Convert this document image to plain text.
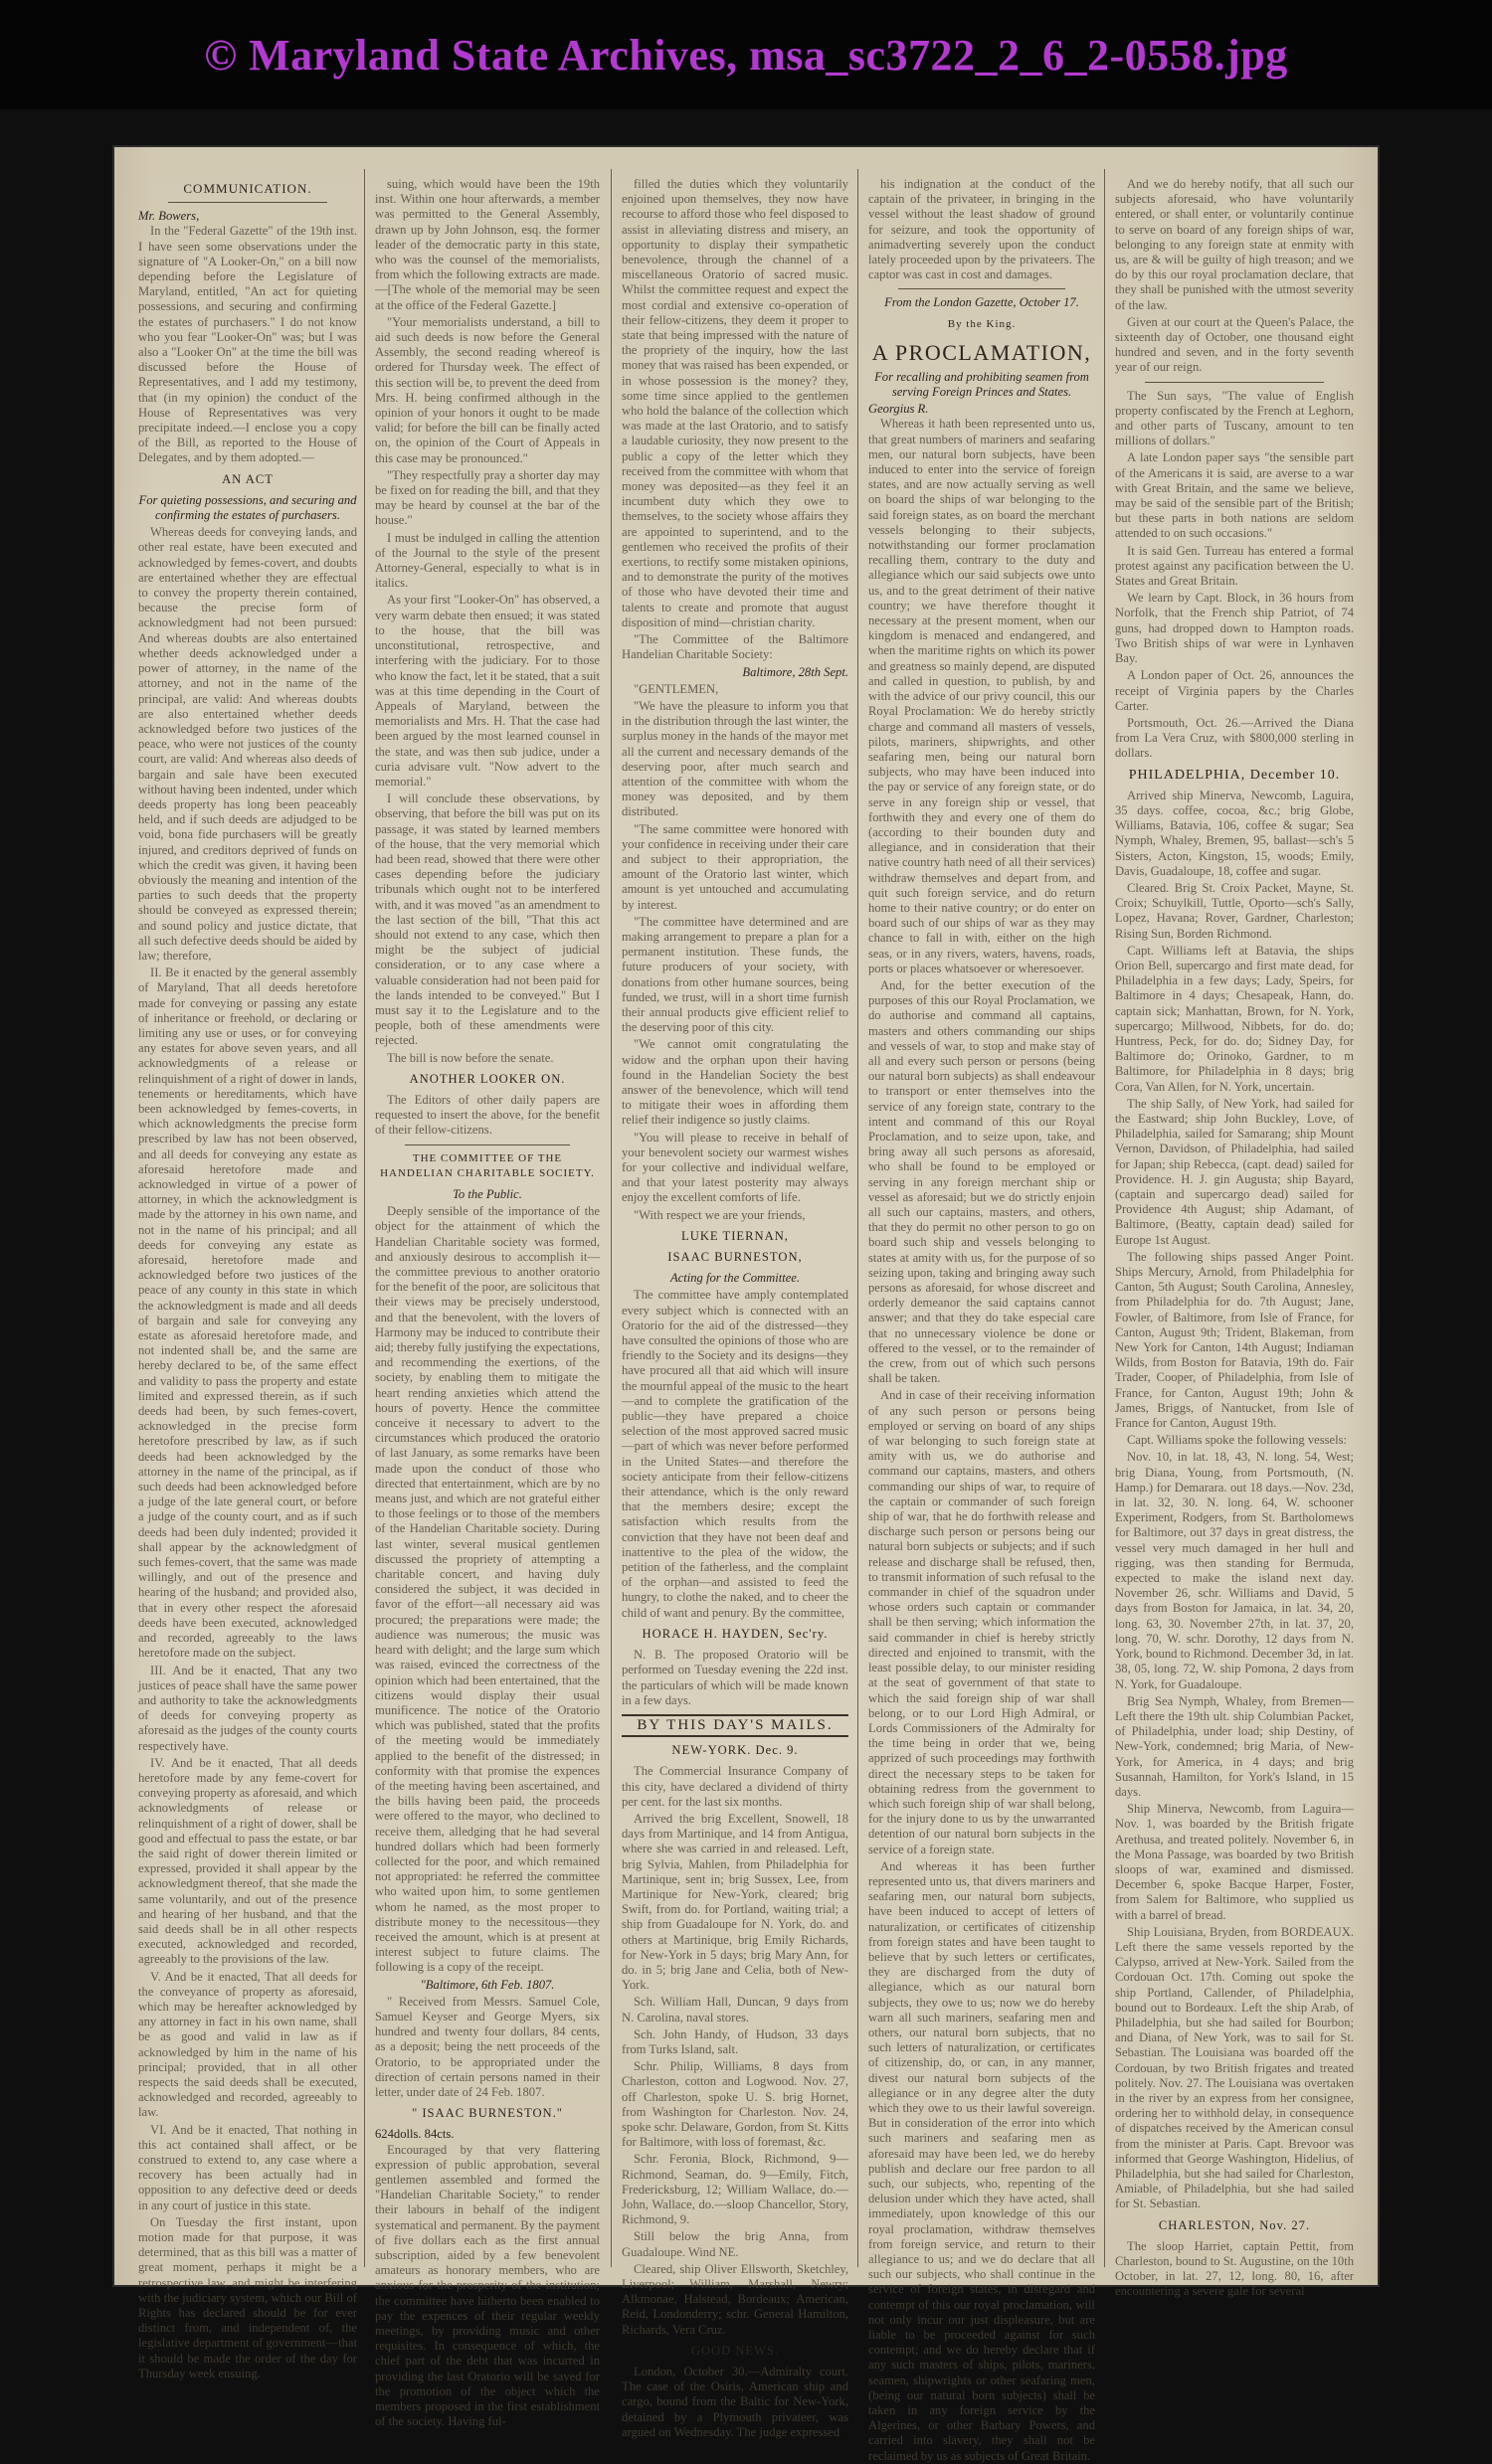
© Maryland State Archives, msa_sc3722_2_6_2-0558.jpg
COMMUNICATION.
Mr. Bowers,

In the "Federal Gazette" of the 19th inst. I have seen some observations under the signature of "A Looker-On," on a bill now depending before the Legislature of Maryland, entitled, "An act for quieting possessions, and securing and confirming the estates of purchasers." I do not know who you fear "Looker-On" was; but I was also a "Looker On" at the time the bill was discussed before the House of Representatives, and I add my testimony, that (in my opinion) the conduct of the House of Representatives was very precipitate indeed.—I enclose you a copy of the Bill, as reported to the House of Delegates, and by them adopted.—

AN ACT
For quieting possessions, and securing and confirming the estates of purchasers.

Whereas deeds for conveying lands, and other real estate, have been executed and acknowledged by femes-covert, and doubts are entertained whether they are effectual to convey the property therein contained, because the precise form of acknowledgment had not been pursued: And whereas doubts are also entertained whether deeds acknowledged under a power of attorney, in the name of the attorney, and not in the name of the principal, are valid: And whereas doubts are also entertained whether deeds acknowledged before two justices of the peace, who were not justices of the county court, are valid: And whereas also deeds of bargain and sale have been executed without having been indented, under which deeds property has long been peaceably held, and if such deeds are adjudged to be void, bona fide purchasers will be greatly injured, and creditors deprived of funds on which the credit was given, it having been obviously the meaning and intention of the parties to such deeds that the property should be conveyed as expressed therein; and sound policy and justice dictate, that all such defective deeds should be aided by law; therefore,

II. Be it enacted by the general assembly of Maryland, That all deeds heretofore made for conveying or passing any estate of inheritance or freehold, or declaring or limiting any use or uses, or for conveying any estates for above seven years, and all acknowledgments of a release or relinquishment of a right of dower in lands, tenements or hereditaments, which have been acknowledged by femes-coverts, in which acknowledgments the precise form prescribed by law has not been observed, and all deeds for conveying any estate as aforesaid heretofore made and acknowledged in virtue of a power of attorney, in which the acknowledgment is made by the attorney in his own name, and not in the name of his principal; and all deeds for conveying any estate as aforesaid, heretofore made and acknowledged before two justices of the peace of any county in this state in which the acknowledgment is made and all deeds of bargain and sale for conveying any estate as aforesaid heretofore made, and not indented shall be, and the same are hereby declared to be, of the same effect and validity to pass the property and estate limited and expressed therein, as if such deeds had been, by such femes-covert, acknowledged in the precise form heretofore prescribed by law, as if such deeds had been acknowledged by the attorney in the name of the principal, as if such deeds had been acknowledged before a judge of the late general court, or before a judge of the county court, and as if such deeds had been duly indented; provided it shall appear by the acknowledgment of such femes-covert, that the same was made willingly, and out of the presence and hearing of the husband; and provided also, that in every other respect the aforesaid deeds have been executed, acknowledged and recorded, agreeably to the laws heretofore made on the subject.

III. And be it enacted, That any two justices of peace shall have the same power and authority to take the acknowledgments of deeds for conveying property as aforesaid as the judges of the county courts respectively have.

IV. And be it enacted, That all deeds heretofore made by any feme-covert for conveying property as aforesaid, and which acknowledgments of release or relinquishment of a right of dower, shall be good and effectual to pass the estate, or bar the said right of dower therein limited or expressed, provided it shall appear by the acknowledgment thereof, that she made the same voluntarily, and out of the presence and hearing of her husband, and that the said deeds shall be in all other respects executed, acknowledged and recorded, agreeably to the provisions of the law.

V. And be it enacted, That all deeds for the conveyance of property as aforesaid, which may be hereafter acknowledged by any attorney in fact in his own name, shall be as good and valid in law as if acknowledged by him in the name of his principal; provided, that in all other respects the said deeds shall be executed, acknowledged and recorded, agreeably to law.

VI. And be it enacted, That nothing in this act contained shall affect, or be construed to extend to, any case where a recovery has been actually had in opposition to any defective deed or deeds in any court of justice in this state.

On Tuesday the first instant, upon motion made for that purpose, it was determined, that as this bill was a matter of great moment, perhaps it might be a retrospective law, and might be interfering with the judiciary system, which our Bill of Rights has declared should be for ever distinct from, and independent of, the legislative department of government—that it should be made the order of the day for Thursday week ensuing.

suing, which would have been the 19th inst. Within one hour afterwards, a member was permitted to the General Assembly, drawn up by John Johnson, esq. the former leader of the democratic party in this state, who was the counsel of the memorialists, from which the following extracts are made.—[The whole of the memorial may be seen at the office of the Federal Gazette.]

"Your memorialists understand, a bill to aid such deeds is now before the General Assembly, the second reading whereof is ordered for Thursday week. The effect of this section will be, to prevent the deed from Mrs. H. being confirmed although in the opinion of your honors it ought to be made valid; for before the bill can be finally acted on, the opinion of the Court of Appeals in this case may be pronounced."

"They respectfully pray a shorter day may be fixed on for reading the bill, and that they may be heard by counsel at the bar of the house."

I must be indulged in calling the attention of the Journal to the style of the present Attorney-General, especially to what is in italics.

As your first "Looker-On" has observed, a very warm debate then ensued; it was stated to the house, that the bill was unconstitutional, retrospective, and interfering with the judiciary. For to those who know the fact, let it be stated, that a suit was at this time depending in the Court of Appeals of Maryland, between the memorialists and Mrs. H. That the case had been argued by the most learned counsel in the state, and was then sub judice, under a curia advisare vult. "Now advert to the memorial."

I will conclude these observations, by observing, that before the bill was put on its passage, it was stated by learned members of the house, that the very memorial which had been read, showed that there were other cases depending before the judiciary tribunals which ought not to be interfered with, and it was moved "as an amendment to the last section of the bill, "That this act should not extend to any case, which then might be the subject of judicial consideration, or to any case where a valuable consideration had not been paid for the lands intended to be conveyed." But I must say it to the Legislature and to the people, both of these amendments were rejected.

The bill is now before the senate.

ANOTHER LOOKER ON.

The Editors of other daily papers are requested to insert the above, for the benefit of their fellow-citizens.

THE COMMITTEE OF THE HANDELIAN CHARITABLE SOCIETY.
To the Public.

Deeply sensible of the importance of the object for the attainment of which the Handelian Charitable society was formed, and anxiously desirous to accomplish it—the committee previous to another oratorio for the benefit of the poor, are solicitous that their views may be precisely understood, and that the benevolent, with the lovers of Harmony may be induced to contribute their aid; thereby fully justifying the expectations, and recommending the exertions, of the society, by enabling them to mitigate the heart rending anxieties which attend the hours of poverty. Hence the committee conceive it necessary to advert to the circumstances which produced the oratorio of last January, as some remarks have been made upon the conduct of those who directed that entertainment, which are by no means just, and which are not grateful either to those feelings or to those of the members of the Handelian Charitable society. During last winter, several musical gentlemen discussed the propriety of attempting a charitable concert, and having duly considered the subject, it was decided in favor of the effort—all necessary aid was procured; the preparations were made; the audience was numerous; the music was heard with delight; and the large sum which was raised, evinced the correctness of the opinion which had been entertained, that the citizens would display their usual munificence. The notice of the Oratorio which was published, stated that the profits of the meeting would be immediately applied to the benefit of the distressed; in conformity with that promise the expences of the meeting having been ascertained, and the bills having been paid, the proceeds were offered to the mayor, who declined to receive them, alledging that he had several hundred dollars which had been formerly collected for the poor, and which remained not appropriated: he referred the committee who waited upon him, to some gentlemen whom he named, as the most proper to distribute money to the necessitous—they received the amount, which is at present at interest subject to future claims. The following is a copy of the receipt.

"Baltimore, 6th Feb. 1807.

" Received from Messrs. Samuel Cole, Samuel Keyser and George Myers, six hundred and twenty four dollars, 84 cents, as a deposit; being the nett proceeds of the Oratorio, to be appropriated under the direction of certain persons named in their letter, under date of 24 Feb. 1807.

" ISAAC BURNESTON."
624dolls. 84cts.

Encouraged by that very flattering expression of public approbation, several gentlemen assembled and formed the "Handelian Charitable Society," to render their labours in behalf of the indigent systematical and permanent. By the payment of five dollars each as the first annual subscription, aided by a few benevolent amateurs as honorary members, who are anxious for the prosperity of the institution; the committee have hitherto been enabled to pay the expences of their regular weekly meetings, by providing music and other requisites. In consequence of which, the chief part of the debt that was incurred in providing the last Oratorio will be saved for the promotion of the object which the members proposed in the first establishment of the society. Having ful-

filled the duties which they voluntarily enjoined upon themselves, they now have recourse to afford those who feel disposed to assist in alleviating distress and misery, an opportunity to display their sympathetic benevolence, through the channel of a miscellaneous Oratorio of sacred music. Whilst the committee request and expect the most cordial and extensive co-operation of their fellow-citizens, they deem it proper to state that being impressed with the nature of the propriety of the inquiry, how the last money that was raised has been expended, or in whose possession is the money? they, some time since applied to the gentlemen who hold the balance of the collection which was made at the last Oratorio, and to satisfy a laudable curiosity, they now present to the public a copy of the letter which they received from the committee with whom that money was deposited—as they feel it an incumbent duty which they owe to themselves, to the society whose affairs they are appointed to superintend, and to the gentlemen who received the profits of their exertions, to rectify some mistaken opinions, and to demonstrate the purity of the motives of those who have devoted their time and talents to create and promote that august disposition of mind—christian charity.

"The Committee of the Baltimore Handelian Charitable Society:

Baltimore, 28th Sept.

"GENTLEMEN,

"We have the pleasure to inform you that in the distribution through the last winter, the surplus money in the hands of the mayor met all the current and necessary demands of the deserving poor, after much search and attention of the committee with whom the money was deposited, and by them distributed.

"The same committee were honored with your confidence in receiving under their care and subject to their appropriation, the amount of the Oratorio last winter, which amount is yet untouched and accumulating by interest.

"The committee have determined and are making arrangement to prepare a plan for a permanent institution. These funds, the future producers of your society, with donations from other humane sources, being funded, we trust, will in a short time furnish their annual products give efficient relief to the deserving poor of this city.

"We cannot omit congratulating the widow and the orphan upon their having found in the Handelian Society the best answer of the benevolence, which will tend to mitigate their woes in affording them relief their indigence so justly claims.

"You will please to receive in behalf of your benevolent society our warmest wishes for your collective and individual welfare, and that your latest posterity may always enjoy the excellent comforts of life.

"With respect we are your friends,

LUKE TIERNAN,
ISAAC BURNESTON,
Acting for the Committee.

The committee have amply contemplated every subject which is connected with an Oratorio for the aid of the distressed—they have consulted the opinions of those who are friendly to the Society and its designs—they have procured all that aid which will insure the mournful appeal of the music to the heart—and to complete the gratification of the public—they have prepared a choice selection of the most approved sacred music—part of which was never before performed in the United States—and therefore the society anticipate from their fellow-citizens their attendance, which is the only reward that the members desire; except the satisfaction which results from the conviction that they have not been deaf and inattentive to the plea of the widow, the petition of the fatherless, and the complaint of the orphan—and assisted to feed the hungry, to clothe the naked, and to cheer the child of want and penury. By the committee,

HORACE H. HAYDEN, Sec'ry.

N. B. The proposed Oratorio will be performed on Tuesday evening the 22d inst. the particulars of which will be made known in a few days.

BY THIS DAY'S MAILS.
NEW-YORK. Dec. 9.

The Commercial Insurance Company of this city, have declared a dividend of thirty per cent. for the last six months.

Arrived the brig Excellent, Snowell, 18 days from Martinique, and 14 from Antigua, where she was carried in and released. Left, brig Sylvia, Mahlen, from Philadelphia for Martinique, sent in; brig Sussex, Lee, from Martinique for New-York, cleared; brig Swift, from do. for Portland, waiting trial; a ship from Guadaloupe for N. York, do. and others at Martinique, brig Emily Richards, for New-York in 5 days; brig Mary Ann, for do. in 5; brig Jane and Celia, both of New-York.

Sch. William Hall, Duncan, 9 days from N. Carolina, naval stores.

Sch. John Handy, of Hudson, 33 days from Turks Island, salt.

Schr. Philip, Williams, 8 days from Charleston, cotton and Logwood. Nov. 27, off Charleston, spoke U. S. brig Hornet, from Washington for Charleston. Nov. 24, spoke schr. Delaware, Gordon, from St. Kitts for Baltimore, with loss of foremast, &c.

Schr. Feronia, Block, Richmond, 9—Richmond, Seaman, do. 9—Emily, Fitch, Fredericksburg, 12; William Wallace, do.—John, Wallace, do.—sloop Chancellor, Story, Richmond, 9.

Still below the brig Anna, from Guadaloupe. Wind NE.

Cleared, ship Oliver Ellsworth, Sketchley, Liverpool; William, Marshall, Newry; Alkmonae, Halstead, Bordeaux; American, Reid, Londonderry; schr. General Hamilton, Richards, Vera Cruz.

GOOD NEWS.

London, October 30.—Admiralty court. The case of the Osiris, American ship and cargo, bound from the Baltic for New-York, detained by a Plymouth privateer, was argued on Wednesday. The judge expressed

his indignation at the conduct of the captain of the privateer, in bringing in the vessel without the least shadow of ground for seizure, and took the opportunity of animadverting severely upon the conduct lately proceeded upon by the privateers. The captor was cast in cost and damages.

From the London Gazette, October 17.
By the King.
A PROCLAMATION,
For recalling and prohibiting seamen from serving Foreign Princes and States.
Georgius R.

Whereas it hath been represented unto us, that great numbers of mariners and seafaring men, our natural born subjects, have been induced to enter into the service of foreign states, and are now actually serving as well on board the ships of war belonging to the said foreign states, as on board the merchant vessels belonging to their subjects, notwithstanding our former proclamation recalling them, contrary to the duty and allegiance which our said subjects owe unto us, and to the great detriment of their native country; we have therefore thought it necessary at the present moment, when our kingdom is menaced and endangered, and when the maritime rights on which its power and greatness so mainly depend, are disputed and called in question, to publish, by and with the advice of our privy council, this our Royal Proclamation: We do hereby strictly charge and command all masters of vessels, pilots, mariners, shipwrights, and other seafaring men, being our natural born subjects, who may have been induced into the pay or service of any foreign state, or do serve in any foreign ship or vessel, that forthwith they and every one of them do (according to their bounden duty and allegiance, and in consideration that their native country hath need of all their services) withdraw themselves and depart from, and quit such foreign service, and do return home to their native country; or do enter on board such of our ships of war as they may chance to fall in with, either on the high seas, or in any rivers, waters, havens, roads, ports or places whatsoever or wheresoever.

And, for the better execution of the purposes of this our Royal Proclamation, we do authorise and command all captains, masters and others commanding our ships and vessels of war, to stop and make stay of all and every such person or persons (being our natural born subjects) as shall endeavour to transport or enter themselves into the service of any foreign state, contrary to the intent and command of this our Royal Proclamation, and to seize upon, take, and bring away all such persons as aforesaid, who shall be found to be employed or serving in any foreign merchant ship or vessel as aforesaid; but we do strictly enjoin all such our captains, masters, and others, that they do permit no other person to go on board such ship and vessels belonging to states at amity with us, for the purpose of so seizing upon, taking and bringing away such persons as aforesaid, for whose discreet and orderly demeanor the said captains cannot answer; and that they do take especial care that no unnecessary violence be done or offered to the vessel, or to the remainder of the crew, from out of which such persons shall be taken.

And in case of their receiving information of any such person or persons being employed or serving on board of any ships of war belonging to such foreign state at amity with us, we do authorise and command our captains, masters, and others commanding our ships of war, to require of the captain or commander of such foreign ship of war, that he do forthwith release and discharge such person or persons being our natural born subjects or subjects; and if such release and discharge shall be refused, then, to transmit information of such refusal to the commander in chief of the squadron under whose orders such captain or commander shall be then serving; which information the said commander in chief is hereby strictly directed and enjoined to transmit, with the least possible delay, to our minister residing at the seat of government of that state to which the said foreign ship of war shall belong, or to our Lord High Admiral, or Lords Commissioners of the Admiralty for the time being in order that we, being apprized of such proceedings may forthwith direct the necessary steps to be taken for obtaining redress from the government to which such foreign ship of war shall belong, for the injury done to us by the unwarranted detention of our natural born subjects in the service of a foreign state.

And whereas it has been further represented unto us, that divers mariners and seafaring men, our natural born subjects, have been induced to accept of letters of naturalization, or certificates of citizenship from foreign states and have been taught to believe that by such letters or certificates, they are discharged from the duty of allegiance, which as our natural born subjects, they owe to us; now we do hereby warn all such mariners, seafaring men and others, our natural born subjects, that no such letters of naturalization, or certificates of citizenship, do, or can, in any manner, divest our natural born subjects of the allegiance or in any degree alter the duty which they owe to us their lawful sovereign. But in consideration of the error into which such mariners and seafaring men as aforesaid may have been led, we do hereby publish and declare our free pardon to all such, our subjects, who, repenting of the delusion under which they have acted, shall immediately, upon knowledge of this our royal proclamation, withdraw themselves from foreign service, and return to their allegiance to us; and we do declare that all such our subjects, who shall continue in the service of foreign states, in disregard and contempt of this our royal proclamation, will not only incur our just displeasure, but are liable to be proceeded against for such contempt; and we do hereby declare that if any such masters of ships, pilots, mariners, seamen, shipwrights or other seafaring men, (being our natural born subjects) shall be taken in any foreign service by the Algerines, or other Barbary Powers, and carried into slavery, they shall not be reclaimed by us as subjects of Great Britain.

And we do hereby notify, that all such our subjects aforesaid, who have voluntarily entered, or shall enter, or voluntarily continue to serve on board of any foreign ships of war, belonging to any foreign state at enmity with us, are & will be guilty of high treason; and we do by this our royal proclamation declare, that they shall be punished with the utmost severity of the law.

Given at our court at the Queen's Palace, the sixteenth day of October, one thousand eight hundred and seven, and in the forty seventh year of our reign.

The Sun says, "The value of English property confiscated by the French at Leghorn, and other parts of Tuscany, amount to ten millions of dollars."

A late London paper says "the sensible part of the Americans it is said, are averse to a war with Great Britain, and the same we believe, may be said of the sensible part of the British; but these parts in both nations are seldom attended to on such occasions."

It is said Gen. Turreau has entered a formal protest against any pacification between the U. States and Great Britain.

We learn by Capt. Block, in 36 hours from Norfolk, that the French ship Patriot, of 74 guns, had dropped down to Hampton roads. Two British ships of war were in Lynhaven Bay.

A London paper of Oct. 26, announces the receipt of Virginia papers by the Charles Carter.

Portsmouth, Oct. 26.—Arrived the Diana from La Vera Cruz, with $800,000 sterling in dollars.

PHILADELPHIA, December 10.

Arrived ship Minerva, Newcomb, Laguira, 35 days. coffee, cocoa, &c.; brig Globe, Williams, Batavia, 106, coffee & sugar; Sea Nymph, Whaley, Bremen, 95, ballast—sch's 5 Sisters, Acton, Kingston, 15, woods; Emily, Davis, Guadaloupe, 18, coffee and sugar.

Cleared. Brig St. Croix Packet, Mayne, St. Croix; Schuylkill, Tuttle, Oporto—sch's Sally, Lopez, Havana; Rover, Gardner, Charleston; Rising Sun, Borden Richmond.

Capt. Williams left at Batavia, the ships Orion Bell, supercargo and first mate dead, for Philadelphia in a few days; Lady, Speirs, for Baltimore in 4 days; Chesapeak, Hann, do. captain sick; Manhattan, Brown, for N. York, supercargo; Millwood, Nibbets, for do. do; Huntress, Peck, for do. do; Sidney Day, for Baltimore do; Orinoko, Gardner, to m Baltimore, for Philadelphia in 8 days; brig Cora, Van Allen, for N. York, uncertain.

The ship Sally, of New York, had sailed for the Eastward; ship John Buckley, Love, of Philadelphia, sailed for Samarang; ship Mount Vernon, Davidson, of Philadelphia, had sailed for Japan; ship Rebecca, (capt. dead) sailed for Providence. H. J. gin Augusta; ship Bayard, (captain and supercargo dead) sailed for Providence 4th August; ship Adamant, of Baltimore, (Beatty, captain dead) sailed for Europe 1st August.

The following ships passed Anger Point. Ships Mercury, Arnold, from Philadelphia for Canton, 5th August; South Carolina, Annesley, from Philadelphia for do. 7th August; Jane, Fowler, of Baltimore, from Isle of France, for Canton, August 9th; Trident, Blakeman, from New York for Canton, 14th August; Indiaman Wilds, from Boston for Batavia, 19th do. Fair Trader, Cooper, of Philadelphia, from Isle of France, for Canton, August 19th; John & James, Briggs, of Nantucket, from Isle of France for Canton, August 19th.

Capt. Williams spoke the following vessels:

Nov. 10, in lat. 18, 43, N. long. 54, West; brig Diana, Young, from Portsmouth, (N. Hamp.) for Demarara. out 18 days.—Nov. 23d, in lat. 32, 30. N. long. 64, W. schooner Experiment, Rodgers, from St. Bartholomews for Baltimore, out 37 days in great distress, the vessel very much damaged in her hull and rigging, was then standing for Bermuda, expected to make the island next day. November 26, schr. Williams and David, 5 days from Boston for Jamaica, in lat. 34, 20, long. 63, 30. November 27th, in lat. 37, 20, long. 70, W. schr. Dorothy, 12 days from N. York, bound to Richmond. December 3d, in lat. 38, 05, long. 72, W. ship Pomona, 2 days from N. York, for Guadaloupe.

Brig Sea Nymph, Whaley, from Bremen—Left there the 19th ult. ship Columbian Packet, of Philadelphia, under load; ship Destiny, of New-York, condemned; brig Maria, of New-York, for America, in 4 days; and brig Susannah, Hamilton, for York's Island, in 15 days.

Ship Minerva, Newcomb, from Laguira—Nov. 1, was boarded by the British frigate Arethusa, and treated politely. November 6, in the Mona Passage, was boarded by two British sloops of war, examined and dismissed. December 6, spoke Bacque Harper, Foster, from Salem for Baltimore, who supplied us with a barrel of bread.

Ship Louisiana, Bryden, from BORDEAUX. Left there the same vessels reported by the Calypso, arrived at New-York. Sailed from the Cordouan Oct. 17th. Coming out spoke the ship Portland, Callender, of Philadelphia, bound out to Bordeaux. Left the ship Arab, of Philadelphia, but she had sailed for Bourbon; and Diana, of New York, was to sail for St. Sebastian. The Louisiana was boarded off the Cordouan, by two British frigates and treated politely. Nov. 27. The Louisiana was overtaken in the river by an express from her consignee, ordering her to withhold delay, in consequence of dispatches received by the American consul from the minister at Paris. Capt. Brevoor was informed that George Washington, Hidelius, of Philadelphia, but she had sailed for Charleston, Amiable, of Philadelphia, but she had sailed for St. Sebastian.

CHARLESTON, Nov. 27.

The sloop Harriet, captain Pettit, from Charleston, bound to St. Augustine, on the 10th October, in lat. 27, 12, long. 80, 16, after encountering a severe gale for several
